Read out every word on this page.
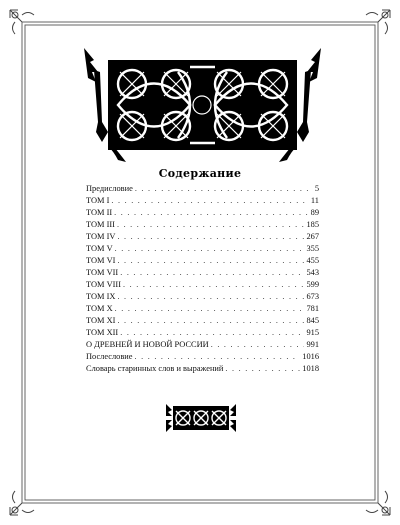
Содержание
Предисловие . . .	5
ТОМ I . . .	11
ТОМ II . . .	89
ТОМ III . . .	185
ТОМ IV . . .	267
ТОМ V . . .	355
ТОМ VI . . .	455
ТОМ VII . . .	543
ТОМ VIII . . .	599
ТОМ IX . . .	673
ТОМ X . . .	781
ТОМ XI . . .	845
ТОМ XII . . .	915
О ДРЕВНЕЙ И НОВОЙ РОССИИ . . .	991
Послесловие . . .	1016
Словарь старинных слов и выражений . . .	1018
